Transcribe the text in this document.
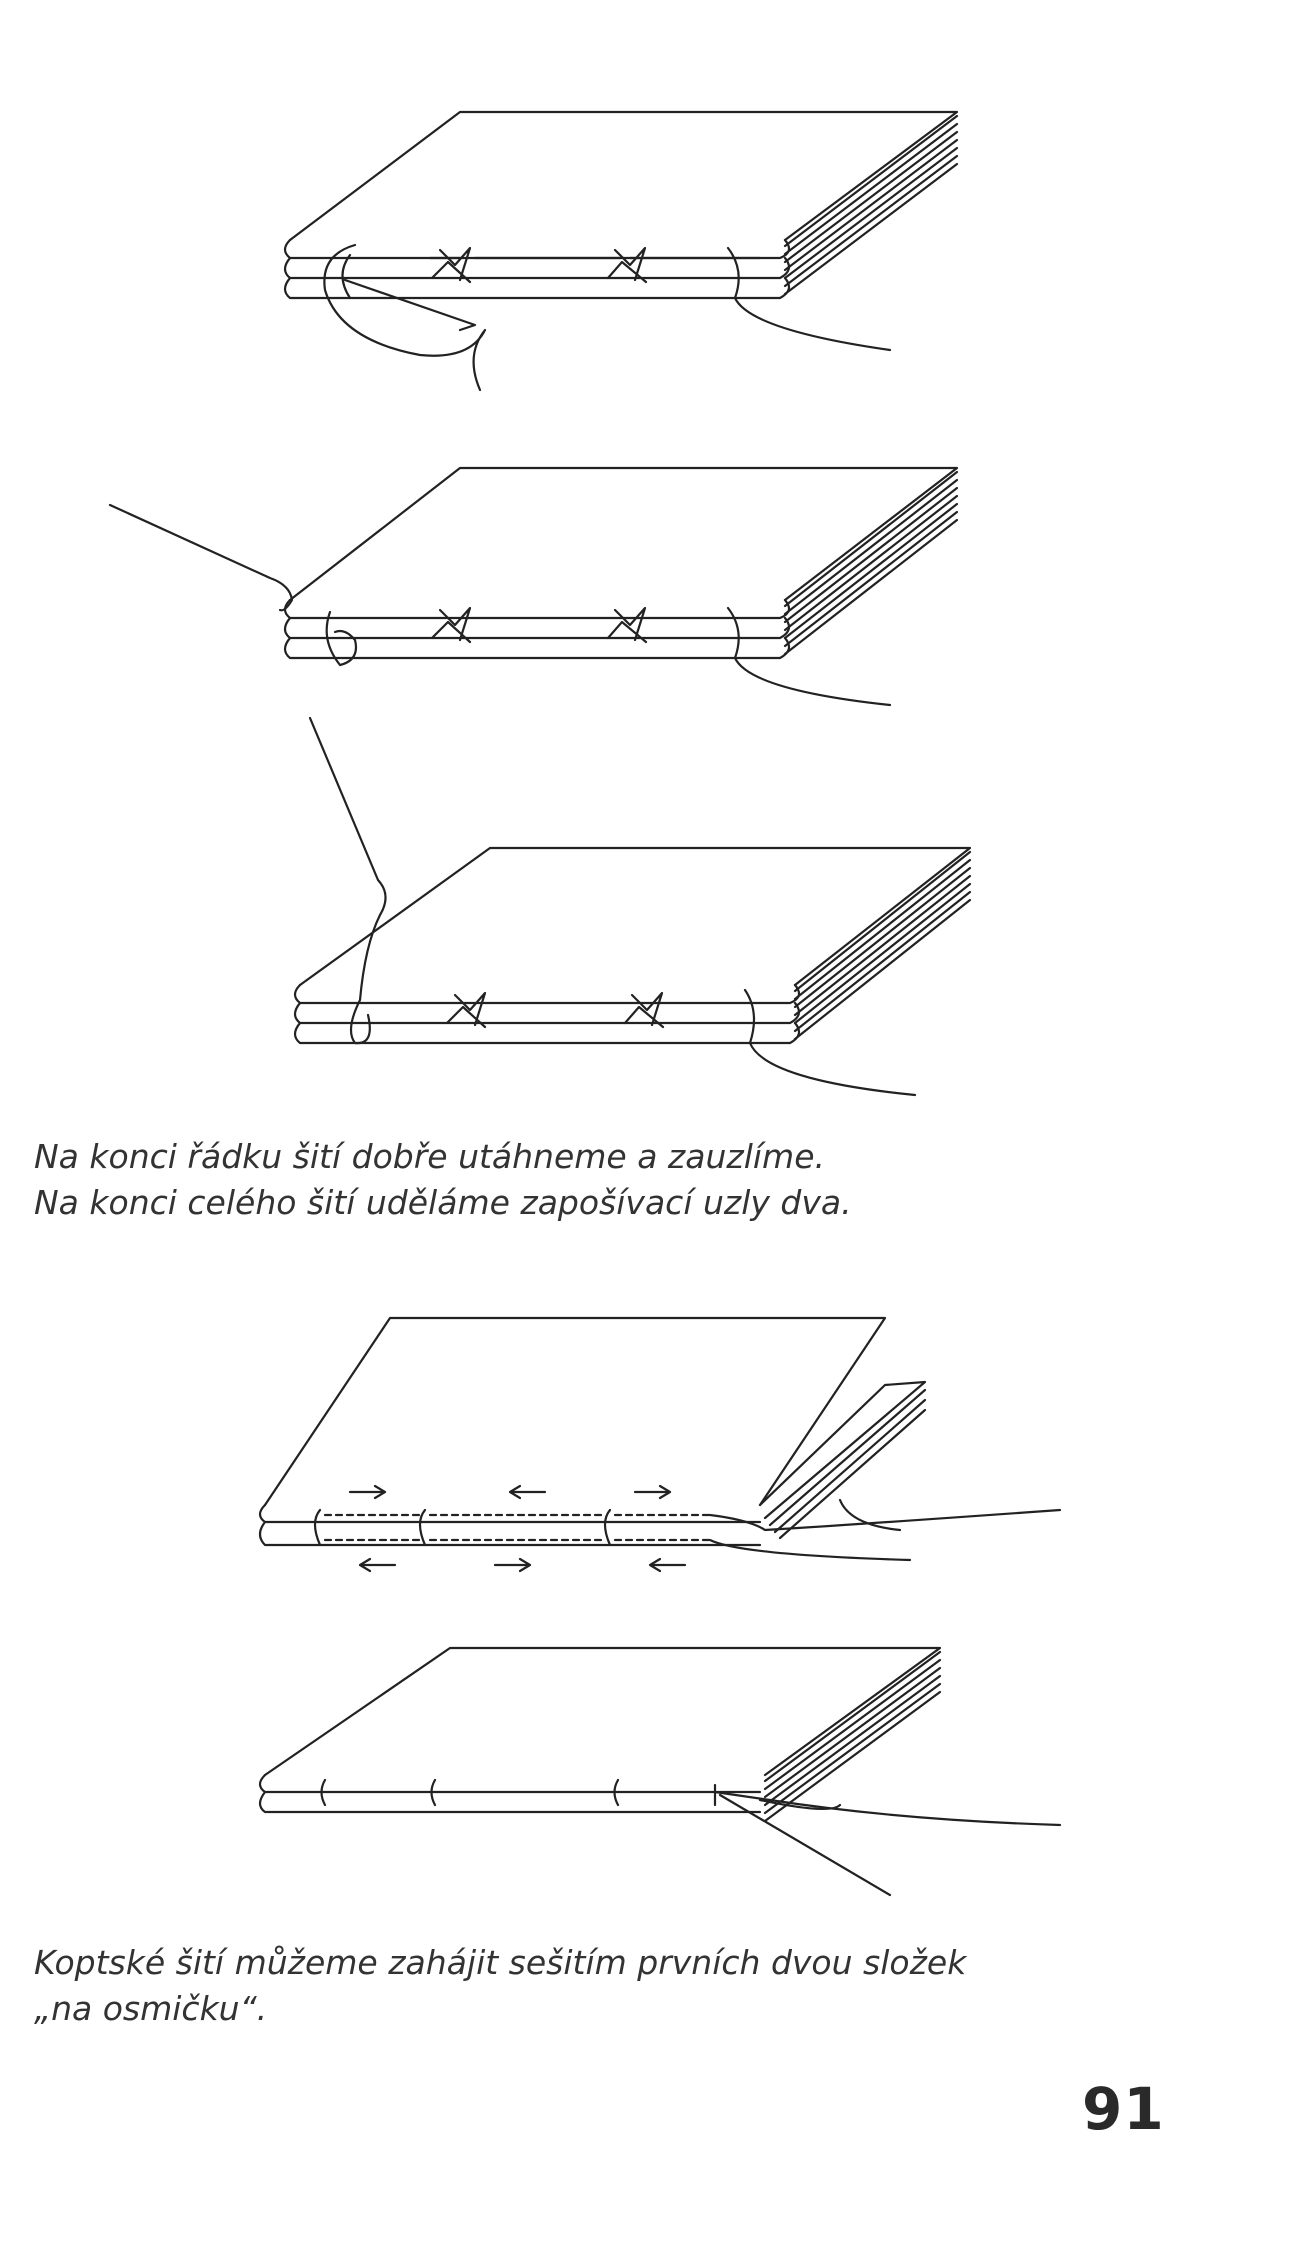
Na konci řádku šití dobře utáhneme a zauzlíme.
Na konci celého šití uděláme zapošívací uzly dva.

Koptské šití můžeme zahájit sešitím prvních dvou složek
„na osmičku“.

91
